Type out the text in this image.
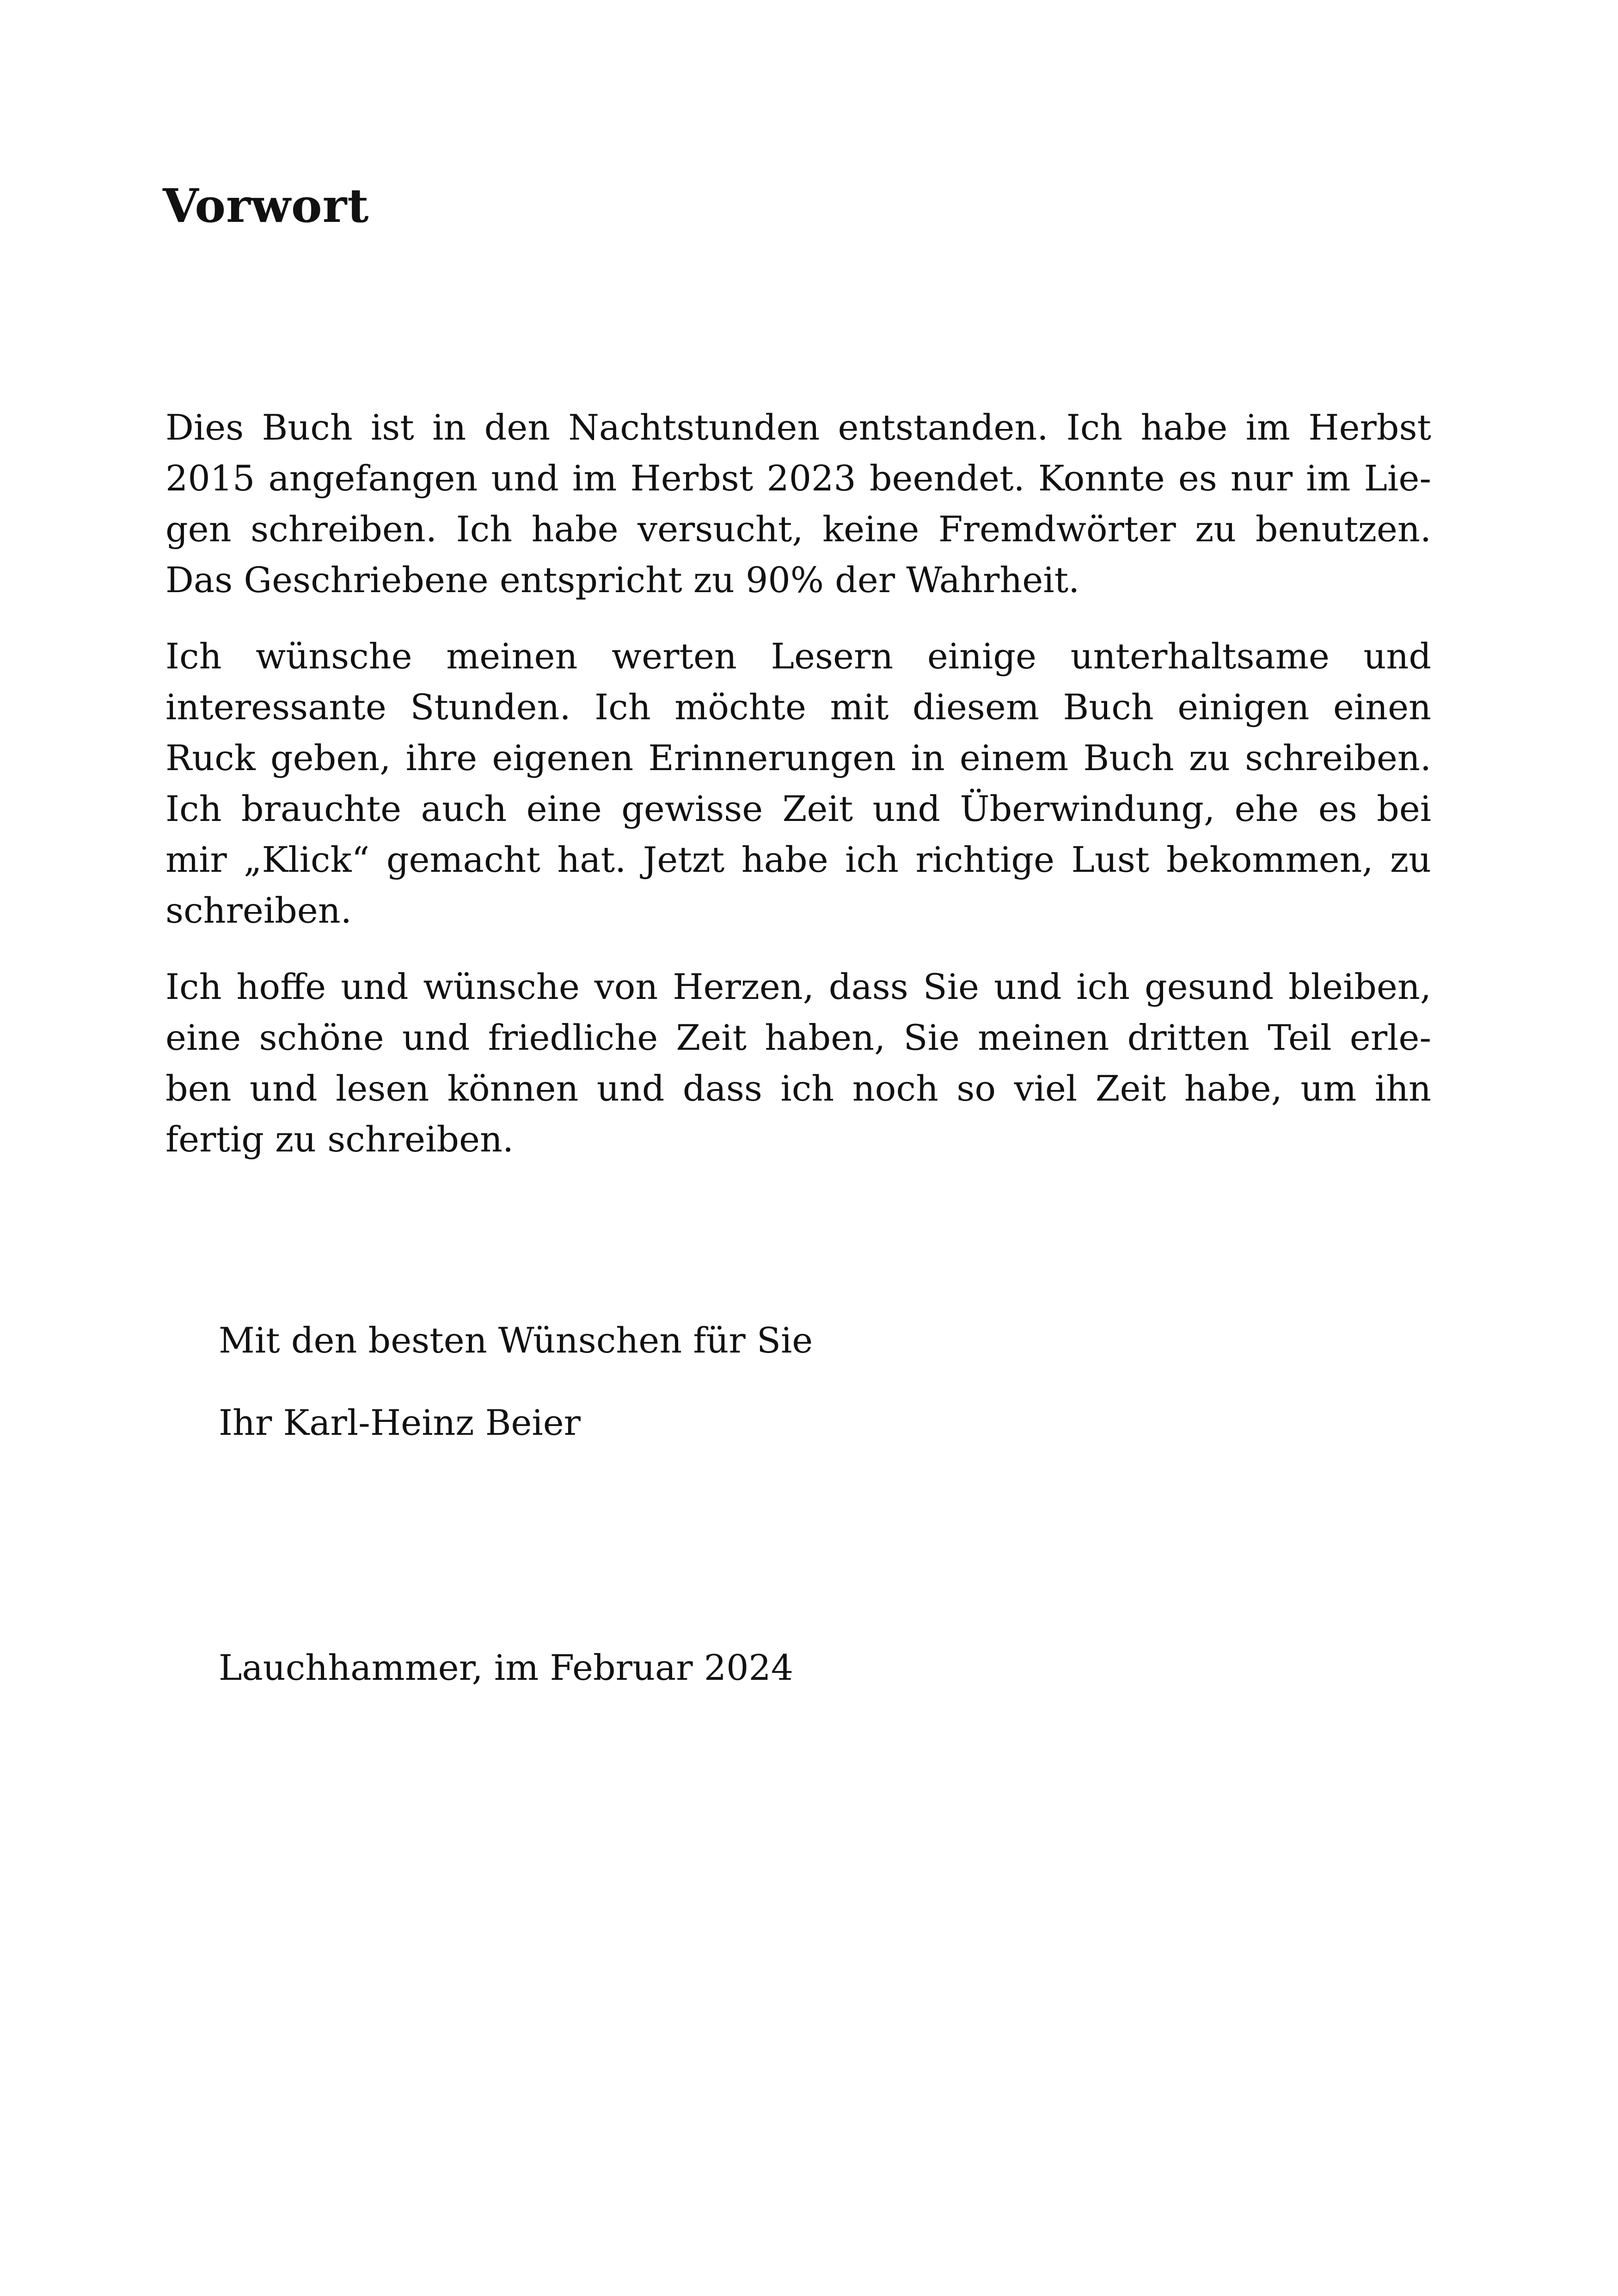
Vorwort

Dies Buch ist in den Nachtstunden entstanden. Ich habe im Herbst
2015 angefangen und im Herbst 2023 beendet. Konnte es nur im Lie-
gen schreiben. Ich habe versucht, keine Fremdwörter zu benutzen.
Das Geschriebene entspricht zu 90% der Wahrheit.

Ich wünsche meinen werten Lesern einige unterhaltsame und
interessante Stunden. Ich möchte mit diesem Buch einigen einen
Ruck geben, ihre eigenen Erinnerungen in einem Buch zu schreiben.
Ich brauchte auch eine gewisse Zeit und Überwindung, ehe es bei
mir „Klick“ gemacht hat. Jetzt habe ich richtige Lust bekommen, zu
schreiben.

Ich hoffe und wünsche von Herzen, dass Sie und ich gesund bleiben,
eine schöne und friedliche Zeit haben, Sie meinen dritten Teil erle-
ben und lesen können und dass ich noch so viel Zeit habe, um ihn
fertig zu schreiben.

Mit den besten Wünschen für Sie

Ihr Karl-Heinz Beier

Lauchhammer, im Februar 2024
